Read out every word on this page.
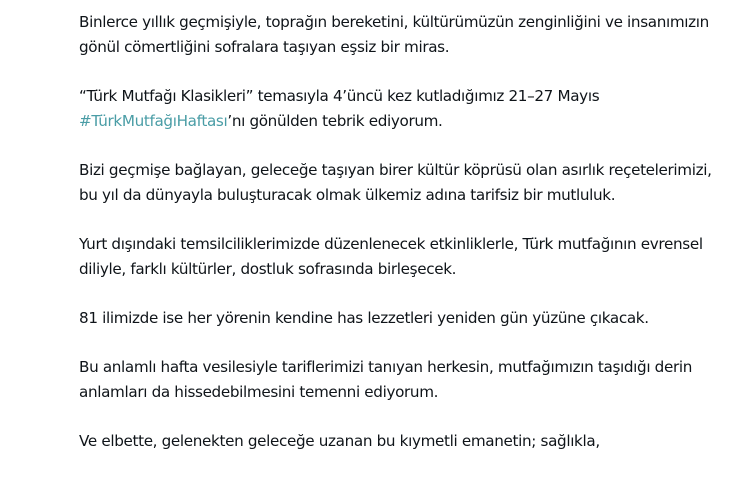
Binlerce yıllık geçmişiyle, toprağın bereketini, kültürümüzün zenginliğini ve insanımızın gönül cömertliğini sofralara taşıyan eşsiz bir miras.

“Türk Mutfağı Klasikleri” temasıyla 4’üncü kez kutladığımız 21–27 Mayıs #TürkMutfağıHaftası’nı gönülden tebrik ediyorum.

Bizi geçmişe bağlayan, geleceğe taşıyan birer kültür köprüsü olan asırlık reçetelerimizi, bu yıl da dünyayla buluşturacak olmak ülkemiz adına tarifsiz bir mutluluk.

Yurt dışındaki temsilciliklerimizde düzenlenecek etkinliklerle, Türk mutfağının evrensel diliyle, farklı kültürler, dostluk sofrasında birleşecek.

81 ilimizde ise her yörenin kendine has lezzetleri yeniden gün yüzüne çıkacak.

Bu anlamlı hafta vesilesiyle tariflerimizi tanıyan herkesin, mutfağımızın taşıdığı derin anlamları da hissedebilmesini temenni ediyorum.

Ve elbette, gelenekten geleceğe uzanan bu kıymetli emanetin; sağlıkla,
